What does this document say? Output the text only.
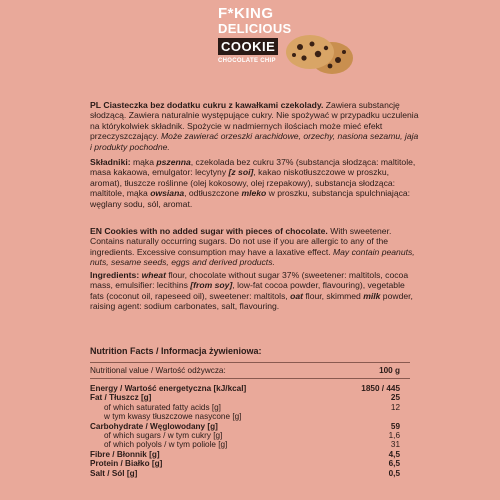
F*KING
DELICIOUS
COOKIE
CHOCOLATE CHIP
PL Ciasteczka bez dodatku cukru z kawałkami czekolady. Zawiera substancję słodzącą. Zawiera naturalnie występujące cukry. Nie spożywać w przypadku uczulenia na którykolwiek składnik. Spożycie w nadmiernych ilościach może mieć efekt przeczyszczający. Może zawierać orzeszki arachidowe, orzechy, nasiona sezamu, jaja i produkty pochodne.
Składniki: mąka pszenna, czekolada bez cukru 37% (substancja słodząca: maltitole, masa kakaowa, emulgator: lecytyny [z soi], kakao niskotłuszczowe w proszku, aromat), tłuszcze roślinne (olej kokosowy, olej rzepakowy), substancja słodząca: maltitole, mąka owsiana, odtłuszczone mleko w proszku, substancja spulchniająca: węglany sodu, sól, aromat.
EN Cookies with no added sugar with pieces of chocolate. With sweetener. Contains naturally occurring sugars. Do not use if you are allergic to any of the ingredients. Excessive consumption may have a laxative effect. May contain peanuts, nuts, sesame seeds, eggs and derived products.
Ingredients: wheat flour, chocolate without sugar 37% (sweetener: maltitols, cocoa mass, emulsifier: lecithins [from soy], low-fat cocoa powder, flavouring), vegetable fats (coconut oil, rapeseed oil), sweetener: maltitols, oat flour, skimmed milk powder, raising agent: sodium carbonates, salt, flavouring.
Nutrition Facts / Informacja żywieniowa:
Nutritional value / Wartość odżywcza:	100 g
Energy / Wartość energetyczna [kJ/kcal]	1850 / 445
Fat / Tłuszcz [g]	25
of which saturated fatty acids [g]	12
w tym kwasy tłuszczowe nasycone [g]
Carbohydrate / Węglowodany [g]	59
of which sugars / w tym cukry [g]	1,6
of which polyols / w tym poliole [g]	31
Fibre / Błonnik [g]	4,5
Protein / Białko [g]	6,5
Salt / Sól [g]	0,5
